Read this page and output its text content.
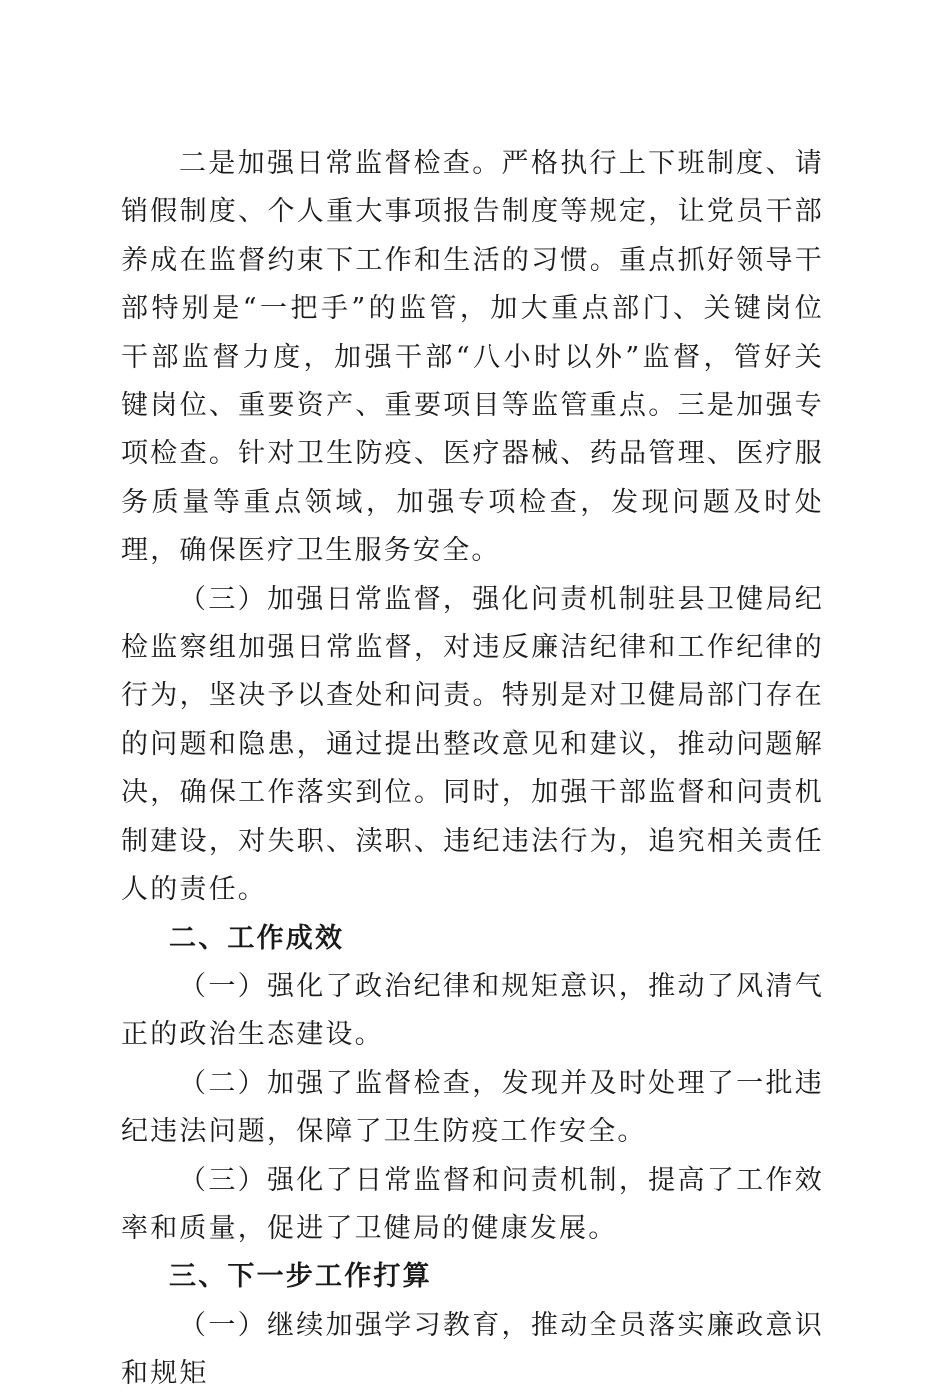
二是加强日常监督检查。严格执行上下班制度、请销假制度、个人重大事项报告制度等规定，让党员干部养成在监督约束下工作和生活的习惯。重点抓好领导干部特别是“一把手”的监管，加大重点部门、关键岗位干部监督力度，加强干部“八小时以外”监督，管好关键岗位、重要资产、重要项目等监管重点。三是加强专项检查。针对卫生防疫、医疗器械、药品管理、医疗服务质量等重点领域，加强专项检查，发现问题及时处理，确保医疗卫生服务安全。

（三）加强日常监督，强化问责机制驻县卫健局纪检监察组加强日常监督，对违反廉洁纪律和工作纪律的行为，坚决予以查处和问责。特别是对卫健局部门存在的问题和隐患，通过提出整改意见和建议，推动问题解决，确保工作落实到位。同时，加强干部监督和问责机制建设，对失职、渎职、违纪违法行为，追究相关责任人的责任。

二、工作成效

（一）强化了政治纪律和规矩意识，推动了风清气正的政治生态建设。

（二）加强了监督检查，发现并及时处理了一批违纪违法问题，保障了卫生防疫工作安全。

（三）强化了日常监督和问责机制，提高了工作效率和质量，促进了卫健局的健康发展。

三、下一步工作打算

（一）继续加强学习教育，推动全员落实廉政意识和规矩
